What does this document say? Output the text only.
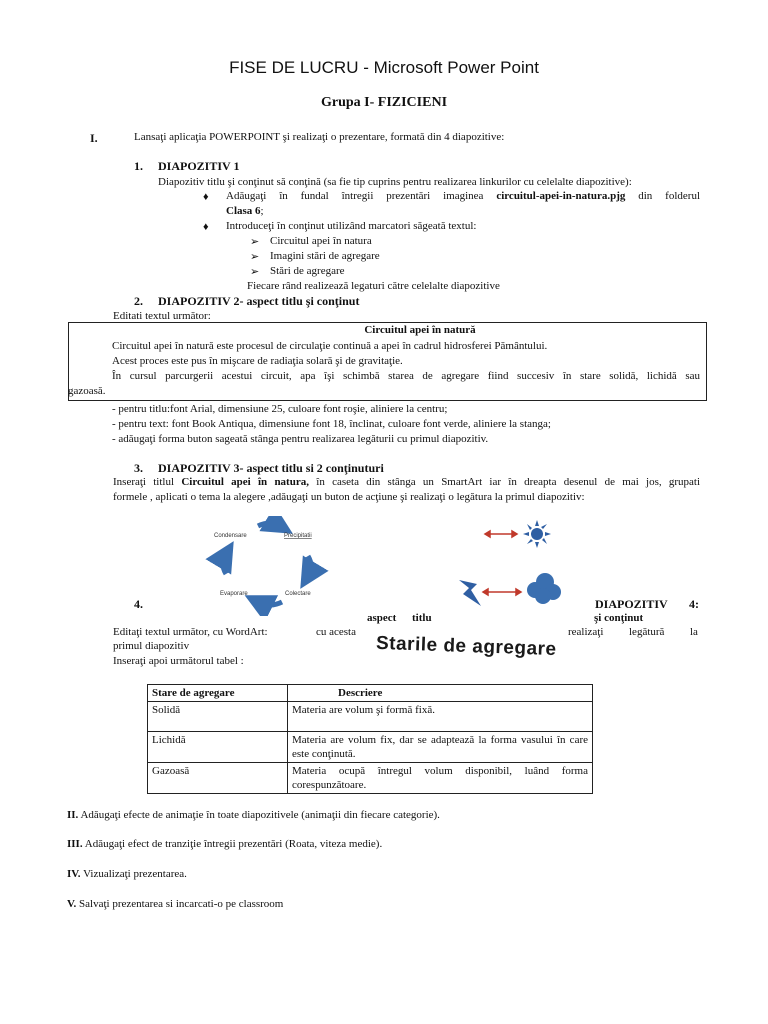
FISE DE LUCRU - Microsoft Power Point
Grupa I- FIZICIENI
I.	Lansaţi aplicaţia POWERPOINT şi realizaţi o prezentare, formată din 4 diapozitive:
1. DIAPOZITIV 1
Diapozitiv titlu şi conţinut să conţină (sa fie tip cuprins pentru realizarea linkurilor cu celelalte diapozitive):
♦ Adăugaţi în fundal întregii prezentări imaginea circuitul-apei-in-natura.pjg din folderul
Clasa 6;
♦ Introduceţi în conţinut utilizând marcatori săgeată textul:
➢ Circuitul apei în natura
➢ Imagini stări de agregare
➢ Stări de agregare
Fiecare rând realizează legaturi către celelalte diapozitive
2. DIAPOZITIV 2- aspect titlu şi conţinut
Editati textul următor:
Circuitul apei în natură
Circuitul apei în natură este procesul de circulaţie continuă a apei în cadrul hidrosferei Pământului.
Acest proces este pus în mişcare de radiaţia solară şi de gravitaţie.
În cursul parcurgerii acestui circuit, apa îşi schimbă starea de agregare fiind succesiv în stare solidă, lichidă sau
gazoasă.
- pentru titlu:font Arial, dimensiune 25, culoare font roşie, aliniere la centru;
- pentru text: font Book Antiqua, dimensiune font 18, înclinat, culoare font verde, aliniere la stanga;
- adăugaţi forma buton sageată stânga pentru realizarea legăturii cu primul diapozitiv.
3. DIAPOZITIV 3- aspect titlu si 2 conţinuturi
Inseraţi titlul Circuitul apei în natura, în caseta din stânga un SmartArt iar în dreapta desenul de mai jos, grupati
formele , aplicati o tema la alegere ,adăugaţi un buton de acţiune şi realizaţi o legătura la primul diapozitiv:
Condensare	Precipitatii
Colectare
Evaporare
4.	DIAPOZITIV 4:
aspect titlu	şi conţinut
Editaţi textul următor, cu WordArt:	cu acesta	realizaţi legătură la
primul diapozitiv	Starile de agregare
Inseraţi apoi următorul tabel :
Stare de agregare	Descriere
Solidă	Materia are volum şi formă fixă.
Lichidă	Materia are volum fix, dar se adaptează la forma vasului în care este conţinută.
Gazoasă	Materia ocupă întregul volum disponibil, luând forma corespunzătoare.
II. Adăugaţi efecte de animaţie în toate diapozitivele (animaţii din fiecare categorie).
III. Adăugaţi efect de tranziţie întregii prezentări (Roata, viteza medie).
IV. Vizualizaţi prezentarea.
V. Salvaţi prezentarea si incarcati-o pe classroom
